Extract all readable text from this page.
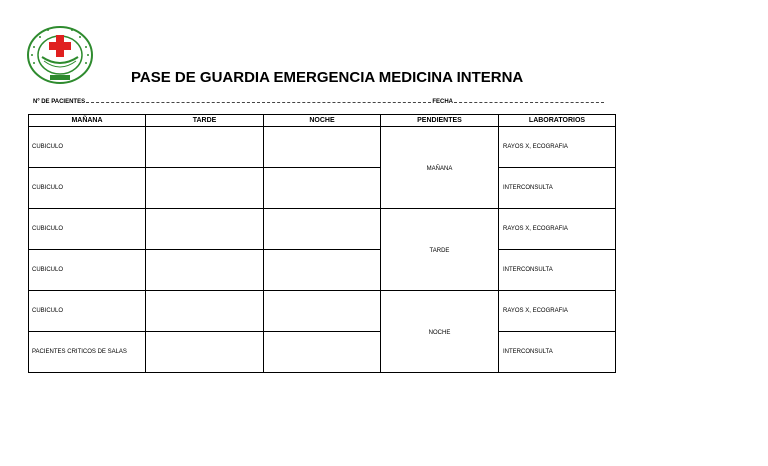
PASE DE GUARDIA EMERGENCIA MEDICINA INTERNA
Nº DE PACIENTES	FECHA
MAÑANA	TARDE	NOCHE	PENDIENTES	LABORATORIOS

CUBICULO			MAÑANA	RAYOS X, ECOGRAFIA

CUBICULO				INTERCONSULTA

CUBICULO			TARDE	RAYOS X, ECOGRAFIA

CUBICULO				INTERCONSULTA

CUBICULO			NOCHE	RAYOS X, ECOGRAFIA

PACIENTES CRITICOS DE SALAS				INTERCONSULTA
